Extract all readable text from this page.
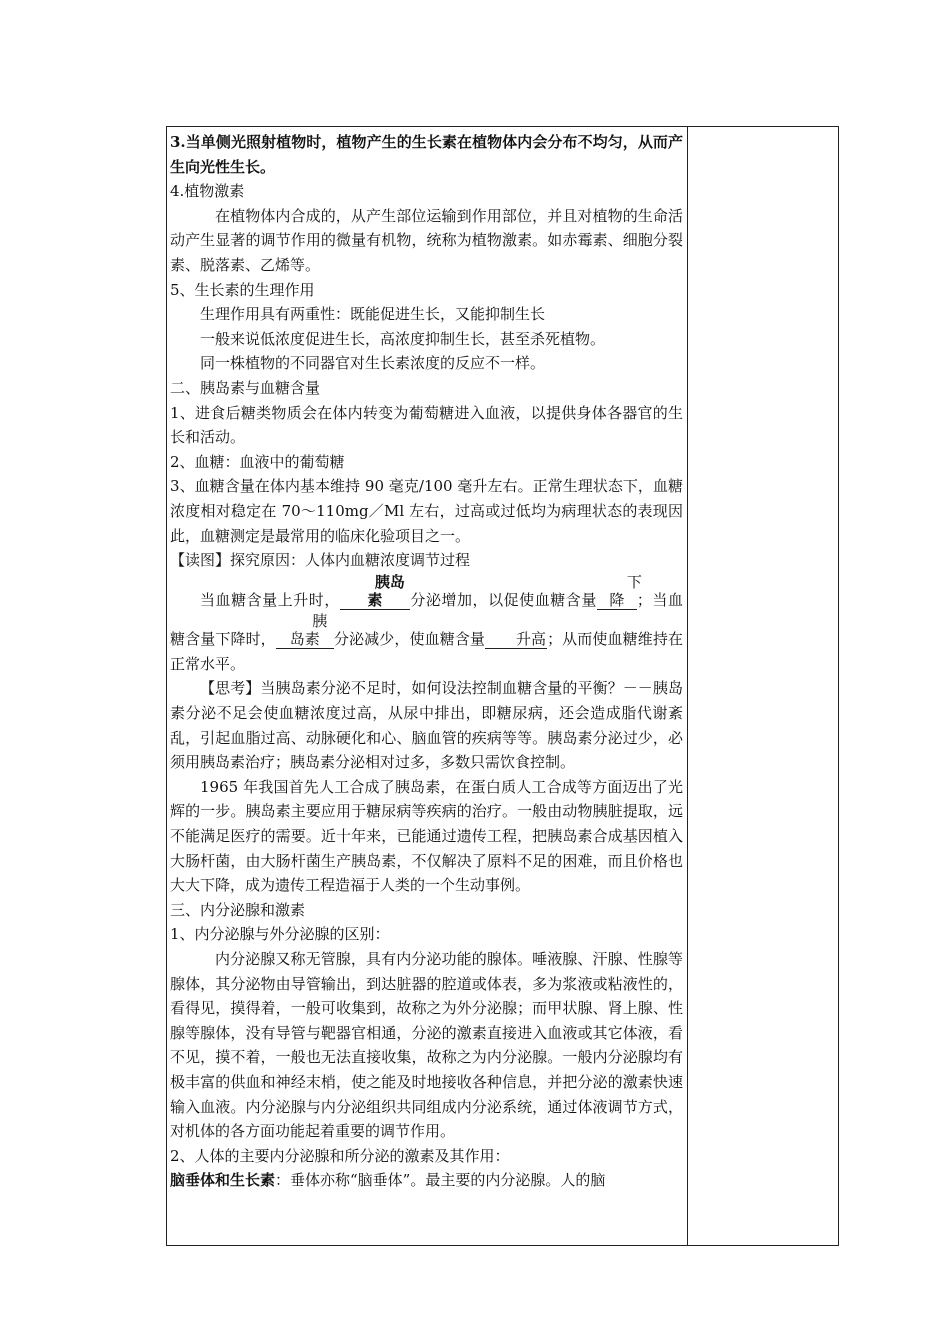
3.当单侧光照射植物时，植物产生的生长素在植物体内会分布不均匀，从而产生向光性生长。

4.植物激素

在植物体内合成的，从产生部位运输到作用部位，并且对植物的生命活动产生显著的调节作用的微量有机物，统称为植物激素。如赤霉素、细胞分裂素、脱落素、乙烯等。

5、生长素的生理作用

生理作用具有两重性：既能促进生长，又能抑制生长

一般来说低浓度促进生长，高浓度抑制生长，甚至杀死植物。

同一株植物的不同器官对生长素浓度的反应不一样。

二、胰岛素与血糖含量

1、进食后糖类物质会在体内转变为葡萄糖进入血液，以提供身体各器官的生长和活动。

2、血糖：血液中的葡萄糖

3、血糖含量在体内基本维持 90 毫克/100 毫升左右。正常生理状态下，血糖浓度相对稳定在 70～110mg／Ml 左右，过高或过低均为病理状态的表现因此，血糖测定是最常用的临床化验项目之一。

【读图】探究原因：人体内血糖浓度调节过程

当血糖含量上升时，胰岛素 分泌增加，以促使血糖含量下降 ；当血糖含量下降时，胰岛素 分泌减少，使血糖含量 升高；从而使血糖维持在正常水平。

【思考】当胰岛素分泌不足时，如何设法控制血糖含量的平衡？－－胰岛素分泌不足会使血糖浓度过高，从尿中排出，即糖尿病，还会造成脂代谢紊乱，引起血脂过高、动脉硬化和心、脑血管的疾病等等。胰岛素分泌过少，必须用胰岛素治疗；胰岛素分泌相对过多，多数只需饮食控制。

1965 年我国首先人工合成了胰岛素，在蛋白质人工合成等方面迈出了光辉的一步。胰岛素主要应用于糖尿病等疾病的治疗。一般由动物胰脏提取，远不能满足医疗的需要。近十年来，已能通过遗传工程，把胰岛素合成基因植入大肠杆菌，由大肠杆菌生产胰岛素，不仅解决了原料不足的困难，而且价格也大大下降，成为遗传工程造福于人类的一个生动事例。

三、内分泌腺和激素

1、内分泌腺与外分泌腺的区别：

内分泌腺又称无管腺，具有内分泌功能的腺体。唾液腺、汗腺、性腺等腺体，其分泌物由导管输出，到达脏器的腔道或体表，多为浆液或粘液性的，看得见，摸得着，一般可收集到，故称之为外分泌腺；而甲状腺、肾上腺、性腺等腺体，没有导管与靶器官相通，分泌的激素直接进入血液或其它体液，看不见，摸不着，一般也无法直接收集，故称之为内分泌腺。一般内分泌腺均有极丰富的供血和神经末梢，使之能及时地接收各种信息，并把分泌的激素快速输入血液。内分泌腺与内分泌组织共同组成内分泌系统，通过体液调节方式，对机体的各方面功能起着重要的调节作用。

2、人体的主要内分泌腺和所分泌的激素及其作用：

脑垂体和生长素：垂体亦称“脑垂体”。最主要的内分泌腺。人的脑
